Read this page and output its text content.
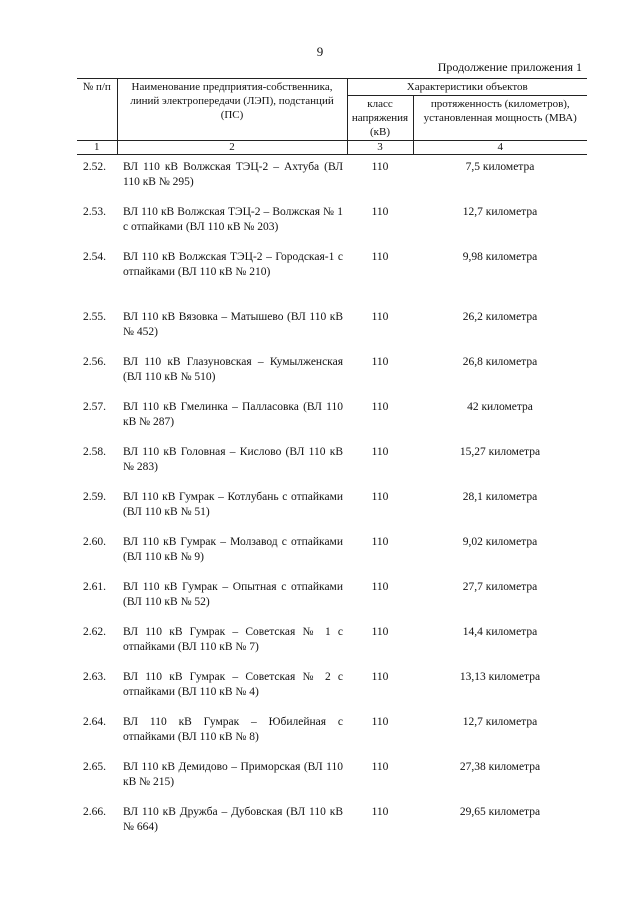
9
Продолжение приложения 1
№ п/п	Наименование предприятия-собственника, линий электропередачи (ЛЭП), подстанций (ПС)	Характеристики объектов	
		класс напряжения (кВ)	протяженность (километров), установленная мощность (МВА)
1	2	3	4
2.52.	ВЛ 110 кВ Волжская ТЭЦ-2 – Ахтуба (ВЛ 110 кВ № 295)	110	7,5 километра
2.53.	ВЛ 110 кВ Волжская ТЭЦ-2 – Волжская № 1 с отпайками (ВЛ 110 кВ № 203)	110	12,7 километра
2.54.	ВЛ 110 кВ Волжская ТЭЦ-2 – Городская-1 с отпайками (ВЛ 110 кВ № 210)	110	9,98 километра
2.55.	ВЛ 110 кВ Вязовка – Матышево (ВЛ 110 кВ № 452)	110	26,2 километра
2.56.	ВЛ 110 кВ Глазуновская – Кумылженская (ВЛ 110 кВ № 510)	110	26,8 километра
2.57.	ВЛ 110 кВ Гмелинка – Палласовка (ВЛ 110 кВ № 287)	110	42 километра
2.58.	ВЛ 110 кВ Головная – Кислово (ВЛ 110 кВ № 283)	110	15,27 километра
2.59.	ВЛ 110 кВ Гумрак – Котлубань с отпайками (ВЛ 110 кВ № 51)	110	28,1 километра
2.60.	ВЛ 110 кВ Гумрак – Молзавод с отпайками (ВЛ 110 кВ № 9)	110	9,02 километра
2.61.	ВЛ 110 кВ Гумрак – Опытная с отпайками (ВЛ 110 кВ № 52)	110	27,7 километра
2.62.	ВЛ 110 кВ Гумрак – Советская № 1 с отпайками (ВЛ 110 кВ № 7)	110	14,4 километра
2.63.	ВЛ 110 кВ Гумрак – Советская № 2 с отпайками (ВЛ 110 кВ № 4)	110	13,13 километра
2.64.	ВЛ 110 кВ Гумрак – Юбилейная с отпайками (ВЛ 110 кВ № 8)	110	12,7 километра
2.65.	ВЛ 110 кВ Демидово – Приморская (ВЛ 110 кВ № 215)	110	27,38 километра
2.66.	ВЛ 110 кВ Дружба – Дубовская (ВЛ 110 кВ № 664)	110	29,65 километра
